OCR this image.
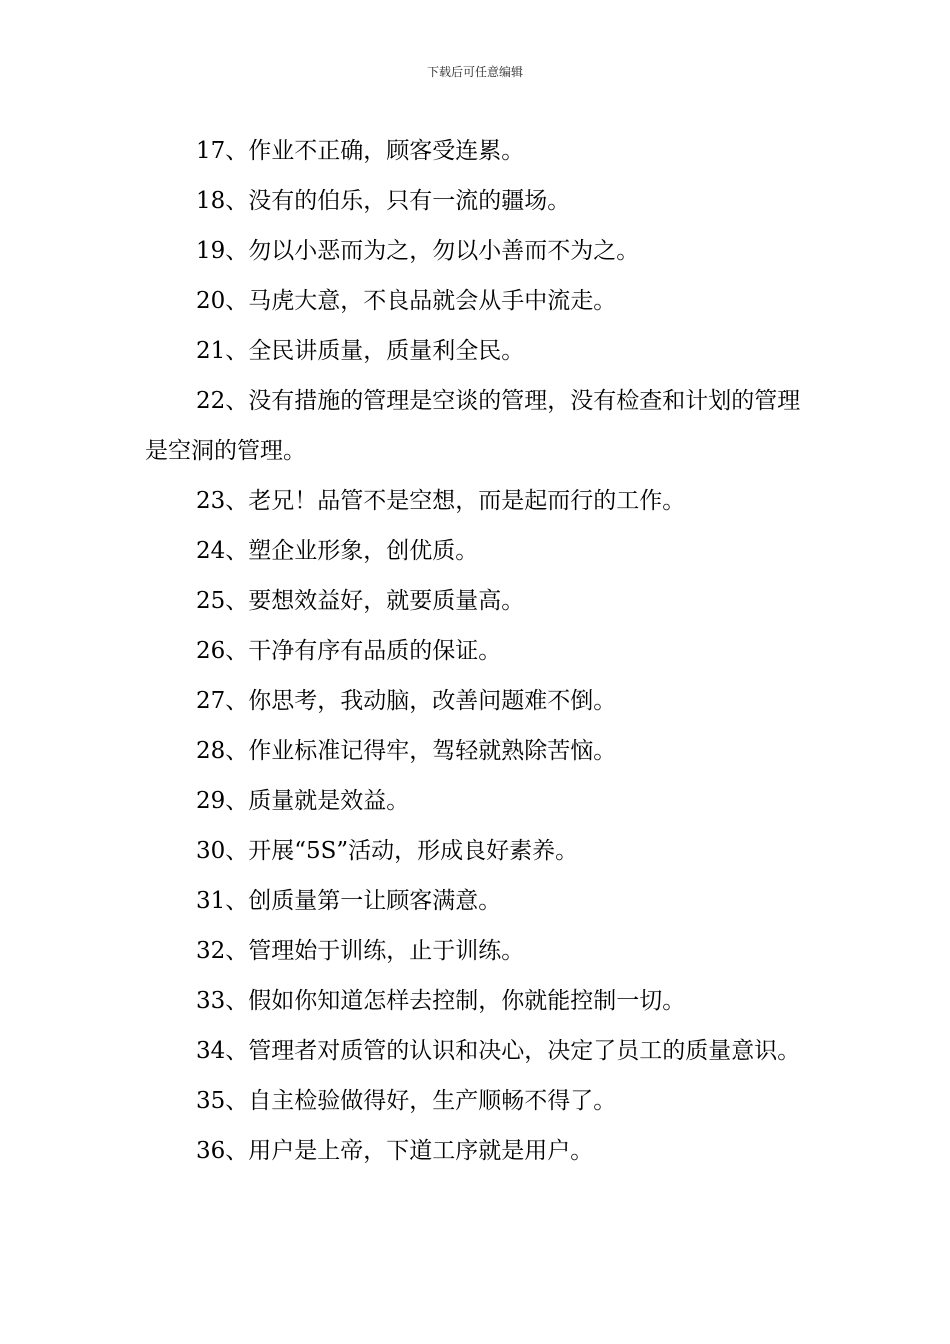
下载后可任意编辑

17、作业不正确，顾客受连累。

18、没有的伯乐，只有一流的疆场。

19、勿以小恶而为之，勿以小善而不为之。

20、马虎大意，不良品就会从手中流走。

21、全民讲质量，质量利全民。

22、没有措施的管理是空谈的管理，没有检查和计划的管理是空洞的管理。

23、老兄！品管不是空想，而是起而行的工作。

24、塑企业形象，创优质。

25、要想效益好，就要质量高。

26、干净有序有品质的保证。

27、你思考，我动脑，改善问题难不倒。

28、作业标准记得牢，驾轻就熟除苦恼。

29、质量就是效益。

30、开展“5S”活动，形成良好素养。

31、创质量第一让顾客满意。

32、管理始于训练，止于训练。

33、假如你知道怎样去控制，你就能控制一切。

34、管理者对质管的认识和决心，决定了员工的质量意识。

35、自主检验做得好，生产顺畅不得了。

36、用户是上帝，下道工序就是用户。
